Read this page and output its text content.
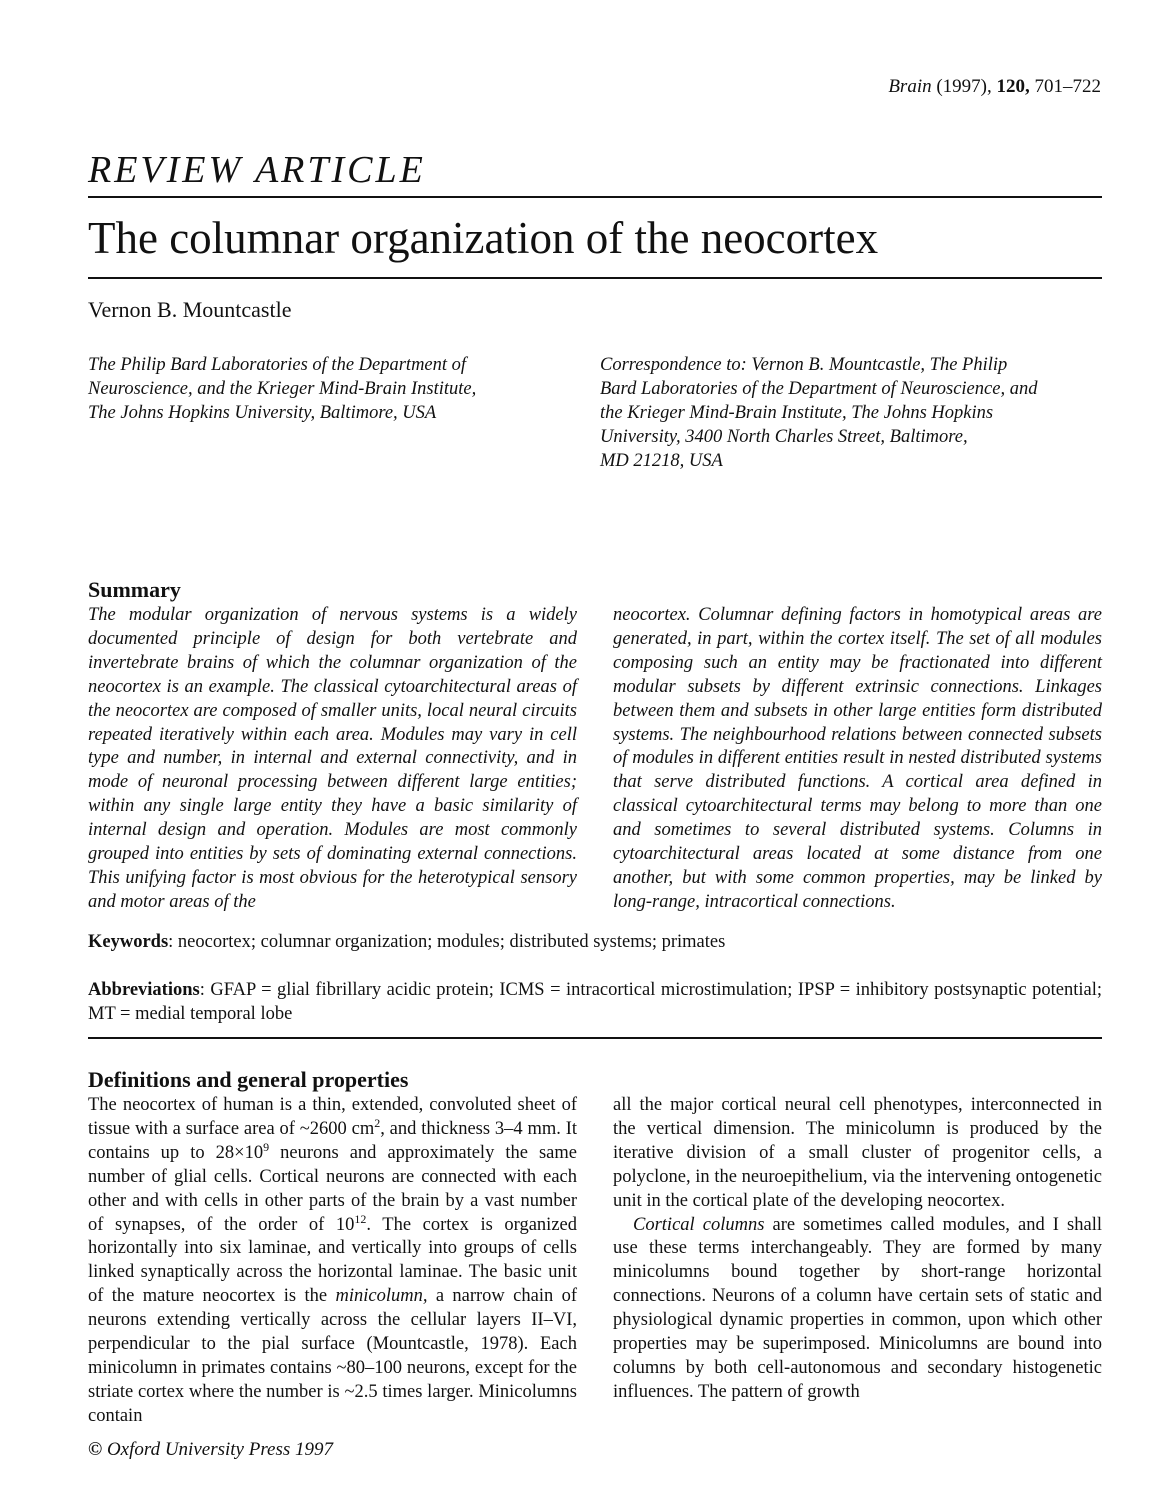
Brain (1997), 120, 701–722
REVIEW ARTICLE
The columnar organization of the neocortex
Vernon B. Mountcastle
The Philip Bard Laboratories of the Department of
Neuroscience, and the Krieger Mind-Brain Institute,
The Johns Hopkins University, Baltimore, USA
Correspondence to: Vernon B. Mountcastle, The Philip
Bard Laboratories of the Department of Neuroscience, and
the Krieger Mind-Brain Institute, The Johns Hopkins
University, 3400 North Charles Street, Baltimore,
MD 21218, USA
Summary

The modular organization of nervous systems is a widely documented principle of design for both vertebrate and invertebrate brains of which the columnar organization of the neocortex is an example. The classical cytoarchitectural areas of the neocortex are composed of smaller units, local neural circuits repeated iteratively within each area. Modules may vary in cell type and number, in internal and external connectivity, and in mode of neuronal processing between different large entities; within any single large entity they have a basic similarity of internal design and operation. Modules are most commonly grouped into entities by sets of dominating external connections. This unifying factor is most obvious for the heterotypical sensory and motor areas of the

neocortex. Columnar defining factors in homotypical areas are generated, in part, within the cortex itself. The set of all modules composing such an entity may be fractionated into different modular subsets by different extrinsic connections. Linkages between them and subsets in other large entities form distributed systems. The neighbourhood relations between connected subsets of modules in different entities result in nested distributed systems that serve distributed functions. A cortical area defined in classical cytoarchitectural terms may belong to more than one and sometimes to several distributed systems. Columns in cytoarchitectural areas located at some distance from one another, but with some common properties, may be linked by long-range, intracortical connections.

Keywords: neocortex; columnar organization; modules; distributed systems; primates
Abbreviations: GFAP = glial fibrillary acidic protein; ICMS = intracortical microstimulation; IPSP = inhibitory postsynaptic potential; MT = medial temporal lobe
Definitions and general properties

The neocortex of human is a thin, extended, convoluted sheet of tissue with a surface area of ~2600 $cm^2$, and thickness 3–4 mm. It contains up to $28\times 10^9$ neurons and approximately the same number of glial cells. Cortical neurons are connected with each other and with cells in other parts of the brain by a vast number of synapses, of the order of $10^{12}$. The cortex is organized horizontally into six laminae, and vertically into groups of cells linked synaptically across the horizontal laminae. The basic unit of the mature neocortex is the minicolumn, a narrow chain of neurons extending vertically across the cellular layers II–VI, perpendicular to the pial surface (Mountcastle, 1978). Each minicolumn in primates contains ~80–100 neurons, except for the striate cortex where the number is ~2.5 times larger. Minicolumns contain

all the major cortical neural cell phenotypes, interconnected in the vertical dimension. The minicolumn is produced by the iterative division of a small cluster of progenitor cells, a polyclone, in the neuroepithelium, via the intervening ontogenetic unit in the cortical plate of the developing neocortex.

Cortical columns are sometimes called modules, and I shall use these terms interchangeably. They are formed by many minicolumns bound together by short-range horizontal connections. Neurons of a column have certain sets of static and physiological dynamic properties in common, upon which other properties may be superimposed. Minicolumns are bound into columns by both cell-autonomous and secondary histogenetic influences. The pattern of growth

© Oxford University Press 1997
